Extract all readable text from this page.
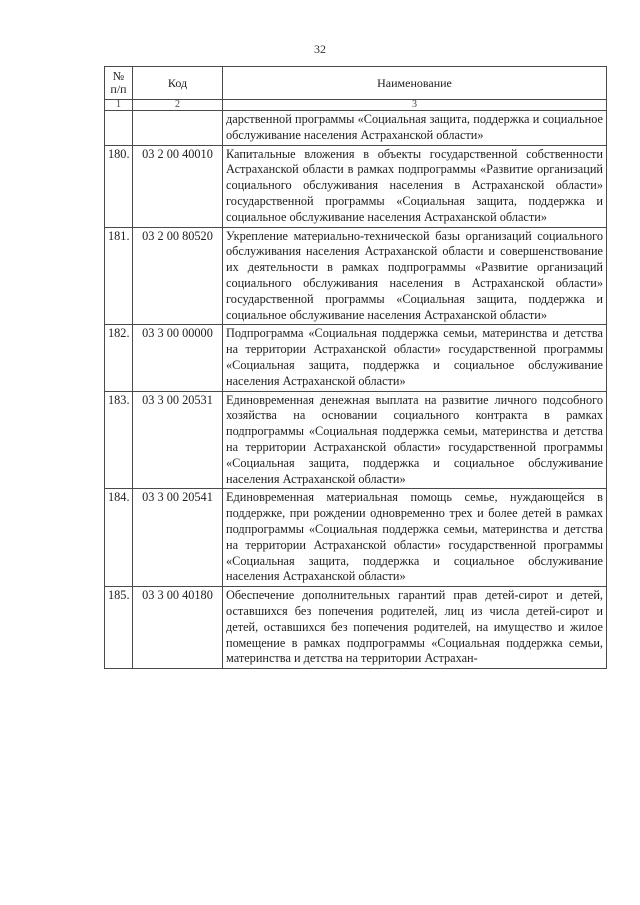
32
№
п/п	Код	Наименование
1	2	3
		дарственной программы «Социальная защита, поддержка и социальное обслуживание населения Астраханской области»
180.	03 2 00 40010	Капитальные вложения в объекты государственной собственности Астраханской области в рамках подпрограммы «Развитие организаций социального обслуживания населения в Астраханской области» государственной программы «Социальная защита, поддержка и социальное обслуживание населения Астраханской области»
181.	03 2 00 80520	Укрепление материально-технической базы организаций социального обслуживания населения Астраханской области и совершенствование их деятельности в рамках подпрограммы «Развитие организаций социального обслуживания населения в Астраханской области» государственной программы «Социальная защита, поддержка и социальное обслуживание населения Астраханской области»
182.	03 3 00 00000	Подпрограмма «Социальная поддержка семьи, материнства и детства на территории Астраханской области» государственной программы «Социальная защита, поддержка и социальное обслуживание населения Астраханской области»
183.	03 3 00 20531	Единовременная денежная выплата на развитие личного подсобного хозяйства на основании социального контракта в рамках подпрограммы «Социальная поддержка семьи, материнства и детства на территории Астраханской области» государственной программы «Социальная защита, поддержка и социальное обслуживание населения Астраханской области»
184.	03 3 00 20541	Единовременная материальная помощь семье, нуждающейся в поддержке, при рождении одновременно трех и более детей в рамках подпрограммы «Социальная поддержка семьи, материнства и детства на территории Астраханской области» государственной программы «Социальная защита, поддержка и социальное обслуживание населения Астраханской области»
185.	03 3 00 40180	Обеспечение дополнительных гарантий прав детей-сирот и детей, оставшихся без попечения родителей, лиц из числа детей-сирот и детей, оставшихся без попечения родителей, на имущество и жилое помещение в рамках подпрограммы «Социальная поддержка семьи, материнства и детства на территории Астрахан-
